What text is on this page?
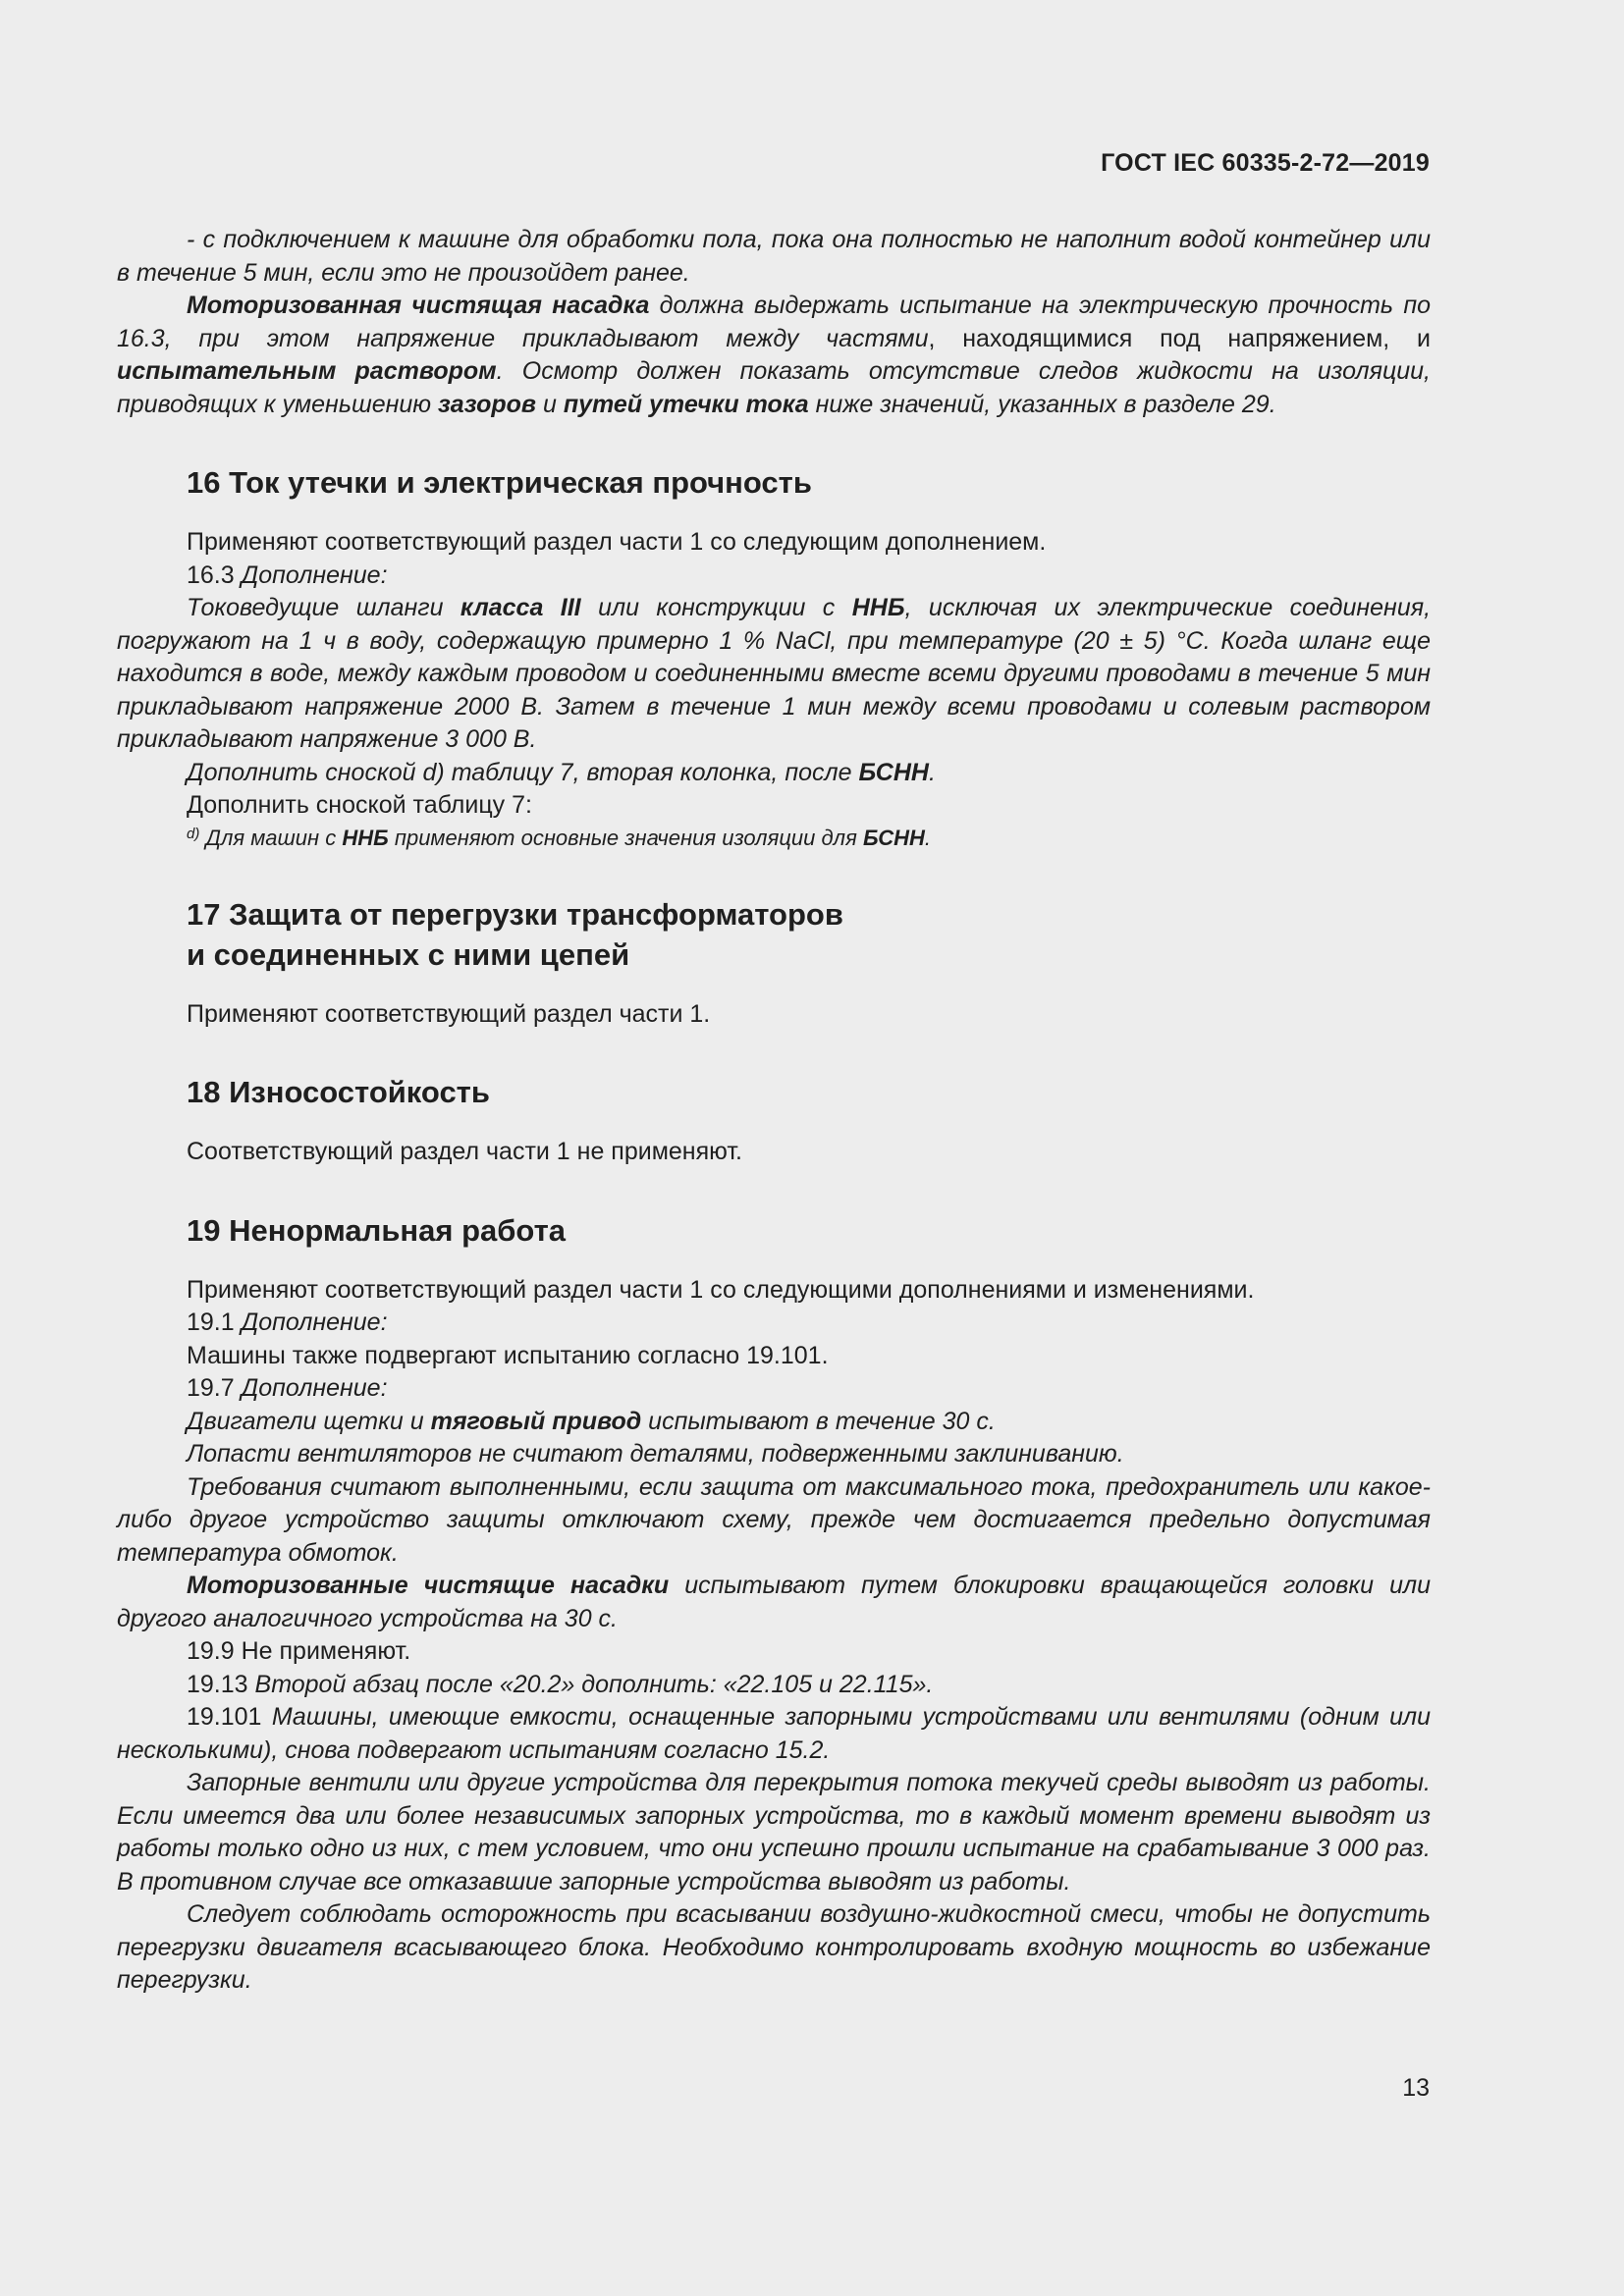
ГОСТ IEC 60335-2-72—2019

- с подключением к машине для обработки пола, пока она полностью не наполнит водой контейнер или в течение 5 мин, если это не произойдет ранее.

Моторизованная чистящая насадка должна выдержать испытание на электрическую прочность по 16.3, при этом напряжение прикладывают между частями, находящимися под напряжением, и испытательным раствором. Осмотр должен показать отсутствие следов жидкости на изоляции, приводящих к уменьшению зазоров и путей утечки тока ниже значений, указанных в разделе 29.

16 Ток утечки и электрическая прочность

Применяют соответствующий раздел части 1 со следующим дополнением.

16.3 Дополнение:

Токоведущие шланги класса III или конструкции с ННБ, исключая их электрические соединения, погружают на 1 ч в воду, содержащую примерно 1 % NaCl, при температуре (20 ± 5) °С. Когда шланг еще находится в воде, между каждым проводом и соединенными вместе всеми другими проводами в течение 5 мин прикладывают напряжение 2000 В. Затем в течение 1 мин между всеми проводами и солевым раствором прикладывают напряжение 3 000 В.

Дополнить сноской d) таблицу 7, вторая колонка, после БСНН.

Дополнить сноской таблицу 7:

$^{d)}$ Для машин с ННБ применяют основные значения изоляции для БСНН.

17 Защита от перегрузки трансформаторов
и соединенных с ними цепей

Применяют соответствующий раздел части 1.

18 Износостойкость

Соответствующий раздел части 1 не применяют.

19 Ненормальная работа

Применяют соответствующий раздел части 1 со следующими дополнениями и изменениями.

19.1 Дополнение:

Машины также подвергают испытанию согласно 19.101.

19.7 Дополнение:

Двигатели щетки и тяговый привод испытывают в течение 30 с.

Лопасти вентиляторов не считают деталями, подверженными заклиниванию.

Требования считают выполненными, если защита от максимального тока, предохранитель или какое-либо другое устройство защиты отключают схему, прежде чем достигается предельно допустимая температура обмоток.

Моторизованные чистящие насадки испытывают путем блокировки вращающейся головки или другого аналогичного устройства на 30 с.

19.9 Не применяют.

19.13 Второй абзац после «20.2» дополнить: «22.105 и 22.115».

19.101 Машины, имеющие емкости, оснащенные запорными устройствами или вентилями (одним или несколькими), снова подвергают испытаниям согласно 15.2.

Запорные вентили или другие устройства для перекрытия потока текучей среды выводят из работы. Если имеется два или более независимых запорных устройства, то в каждый момент времени выводят из работы только одно из них, с тем условием, что они успешно прошли испытание на срабатывание 3 000 раз. В противном случае все отказавшие запорные устройства выводят из работы.

Следует соблюдать осторожность при всасывании воздушно-жидкостной смеси, чтобы не допустить перегрузки двигателя всасывающего блока. Необходимо контролировать входную мощность во избежание перегрузки.

13
